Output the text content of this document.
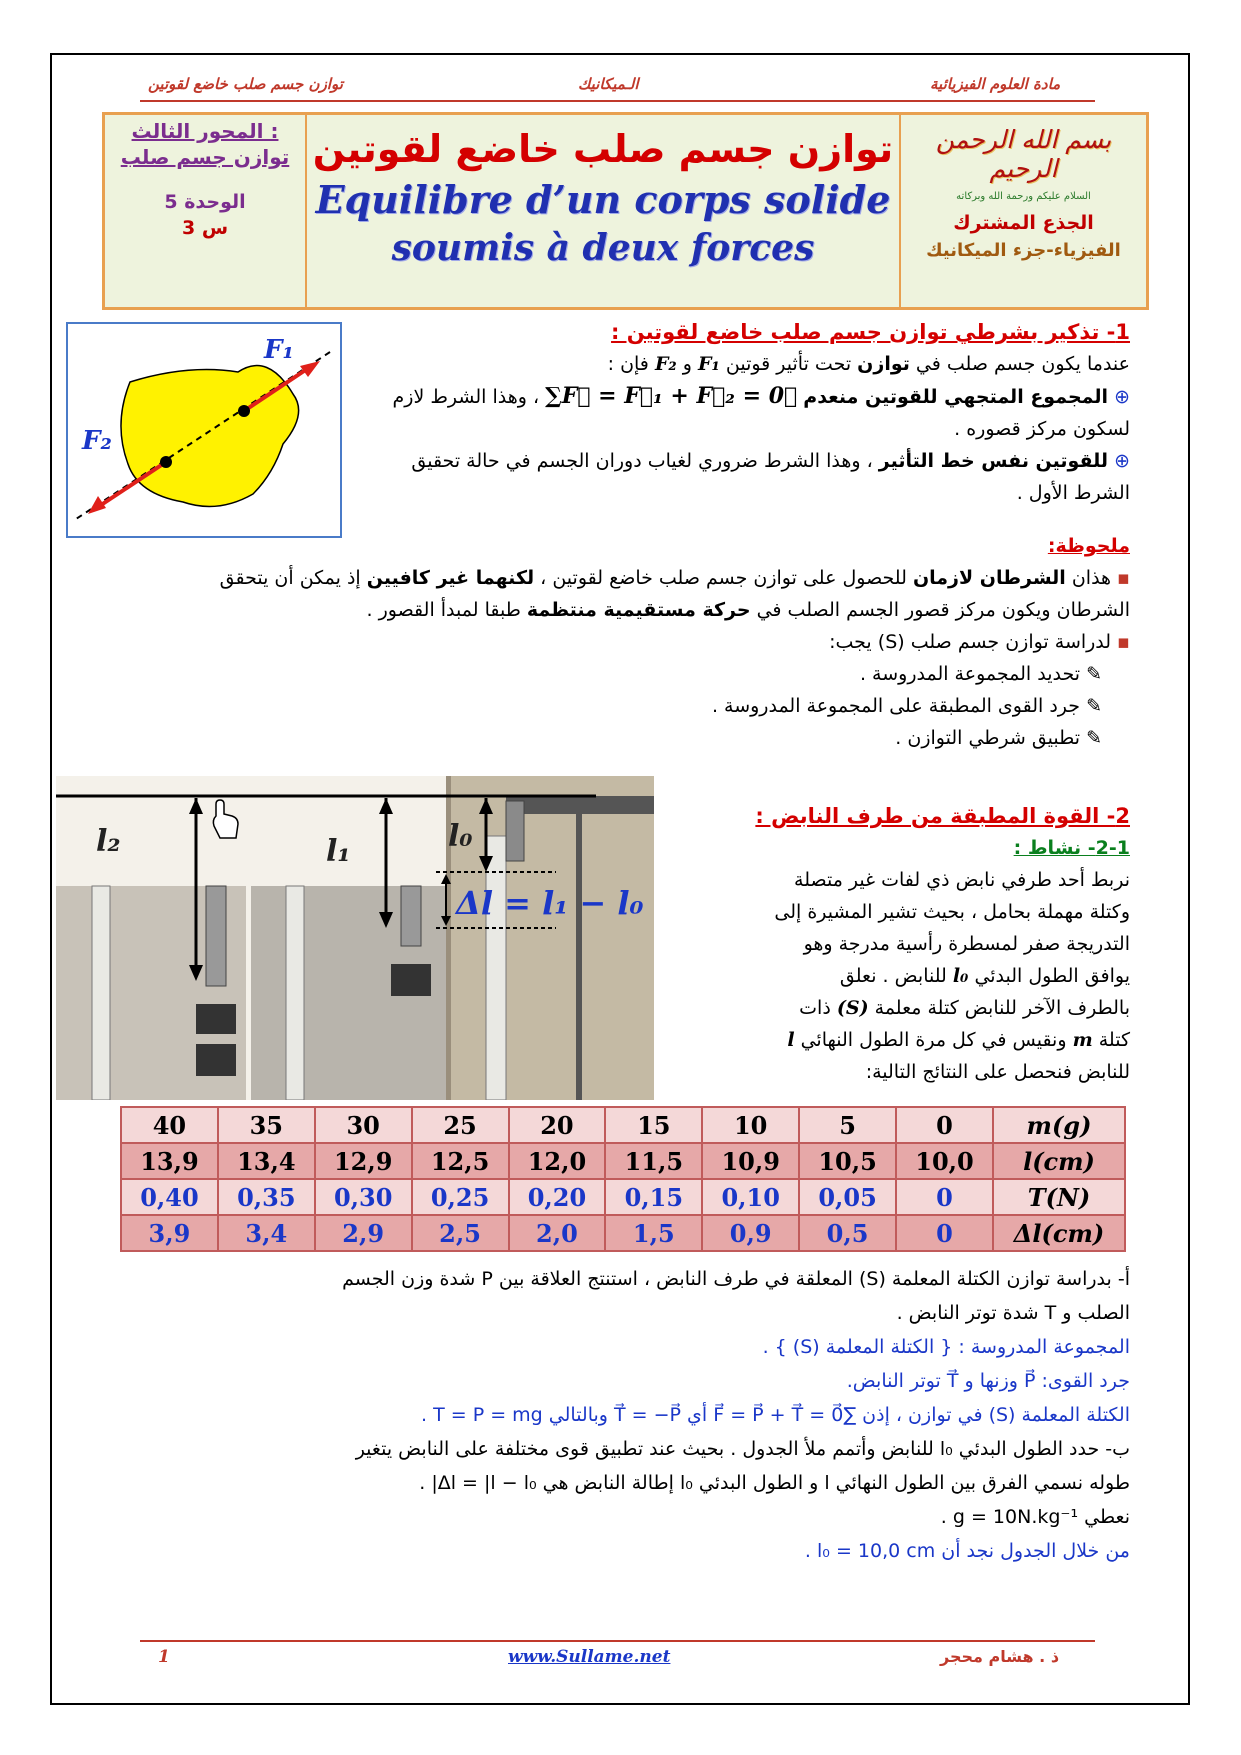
توازن جسم صلب خاضع لقوتين	الـميكانيك	مادة العلوم الفيزيائية
المحور الثالث :
توازن جسم صلب
الوحدة 5
3 س
توازن جسم صلب خاضع لقوتين
Equilibre d’un corps solide
soumis à deux forces
بسم الله الرحمن الرحيم
السلام عليكم ورحمة الله وبركاته
الجذع المشترك
الفيزياء-جزء الميكانيك
F₁
F₂
1- تذكير بشرطي توازن جسم صلب خاضع لقوتين :
عندما يكون جسم صلب في توازن تحت تأثير قوتين F₁ و F₂ فإن :
⊕ المجموع المتجهي للقوتين منعدم ∑F⃗ = F⃗₁ + F⃗₂ = 0⃗ ، وهذا الشرط لازم لسكون مركز قصوره .
⊕ للقوتين نفس خط التأثير ، وهذا الشرط ضروري لغياب دوران الجسم في حالة تحقيق الشرط الأول .
ملحوظة:
▪ هذان الشرطان لازمان للحصول على توازن جسم صلب خاضع لقوتين ، لكنهما غير كافيين إذ يمكن أن يتحقق الشرطان ويكون مركز قصور الجسم الصلب في حركة مستقيمية منتظمة طبقا لمبدأ القصور .
▪ لدراسة توازن جسم صلب (S) يجب:
✎ تحديد المجموعة المدروسة .
✎ جرد القوى المطبقة على المجموعة المدروسة .
✎ تطبيق شرطي التوازن .
l₂	l₁	l₀
Δl = l₁ − l₀
2- القوة المطبقة من طرف النابض :
2-1- نشاط :
نربط أحد طرفي نابض ذي لفات غير متصلة
وكتلة مهملة بحامل ، بحيث تشير المشيرة إلى
التدريجة صفر لمسطرة رأسية مدرجة وهو
يوافق الطول البدئي l₀ للنابض . نعلق
بالطرف الآخر للنابض كتلة معلمة (S) ذات
كتلة m ونقيس في كل مرة الطول النهائي l
للنابض فنحصل على النتائج التالية:
40	35	30	25	20	15	10	5	0	m(g)
13,9	13,4	12,9	12,5	12,0	11,5	10,9	10,5	10,0	l(cm)
0,40	0,35	0,30	0,25	0,20	0,15	0,10	0,05	0	T(N)
3,9	3,4	2,9	2,5	2,0	1,5	0,9	0,5	0	Δl(cm)
أ- بدراسة توازن الكتلة المعلمة (S) المعلقة في طرف النابض ، استنتج العلاقة بين P شدة وزن الجسم
الصلب و T شدة توتر النابض .
المجموعة المدروسة : { الكتلة المعلمة (S) } .
جرد القوى: P⃗ وزنها و T⃗ توتر النابض.
الكتلة المعلمة (S) في توازن ، إذن ∑F⃗ = P⃗ + T⃗ = 0⃗ أي T⃗ = −P⃗ وبالتالي T = P = mg .
ب- حدد الطول البدئي l₀ للنابض وأتمم ملأ الجدول . بحيث عند تطبيق قوى مختلفة على النابض يتغير
طوله نسمي الفرق بين الطول النهائي l و الطول البدئي l₀ إطالة النابض هي Δl = |l − l₀| .
نعطي g = 10N.kg⁻¹ .
من خلال الجدول نجد أن l₀ = 10,0 cm .
1	www.Sullame.net	ذ . هشام محجر
